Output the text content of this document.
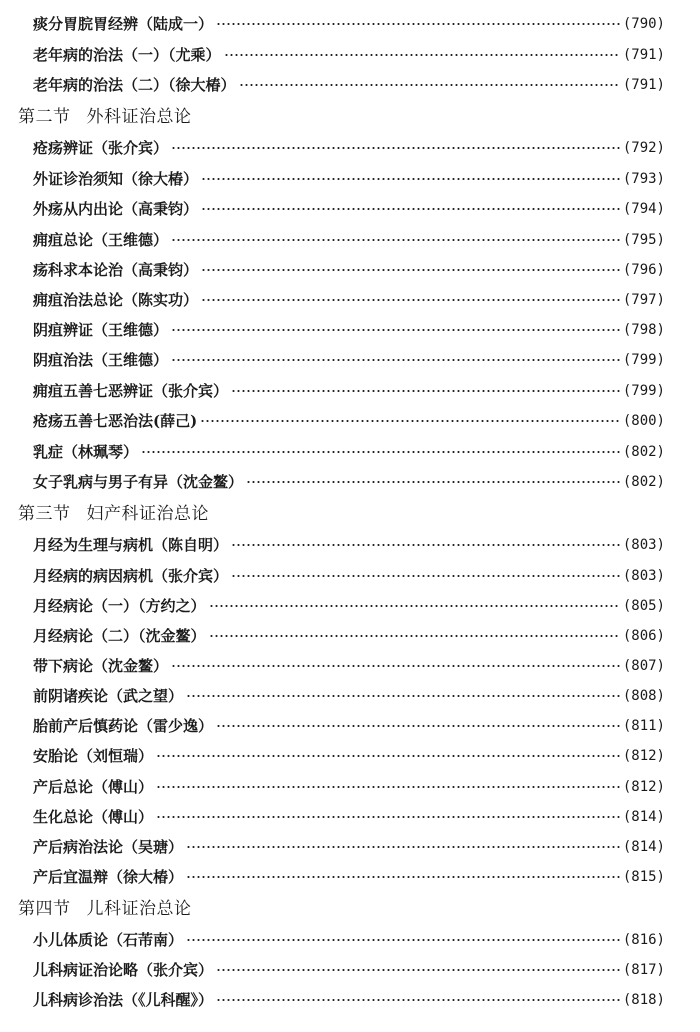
痰分胃脘胃经辨（陆成一）	(790)
老年病的治法（一）（尤乘）	(791)
老年病的治法（二）（徐大椿）	(791)
第二节 外科证治总论
疮疡辨证（张介宾）	(792)
外证诊治须知（徐大椿）	(793)
外疡从内出论（高秉钧）	(794)
痈疽总论（王维德）	(795)
疡科求本论治（高秉钧）	(796)
痈疽治法总论（陈实功）	(797)
阴疽辨证（王维德）	(798)
阴疽治法（王维德）	(799)
痈疽五善七恶辨证（张介宾）	(799)
疮疡五善七恶治法(薛己)	(800)
乳症（林珮琴）	(802)
女子乳病与男子有异（沈金鳌）	(802)
第三节 妇产科证治总论
月经为生理与病机（陈自明）	(803)
月经病的病因病机（张介宾）	(803)
月经病论（一）（方约之）	(805)
月经病论（二）（沈金鳌）	(806)
带下病论（沈金鳌）	(807)
前阴诸疾论（武之望）	(808)
胎前产后慎药论（雷少逸）	(811)
安胎论（刘恒瑞）	(812)
产后总论（傅山）	(812)
生化总论（傅山）	(814)
产后病治法论（吴瑭）	(814)
产后宜温辩（徐大椿）	(815)
第四节 儿科证治总论
小儿体质论（石芾南）	(816)
儿科病证治论略（张介宾）	(817)
儿科病诊治法（《儿科醒》）	(818)
